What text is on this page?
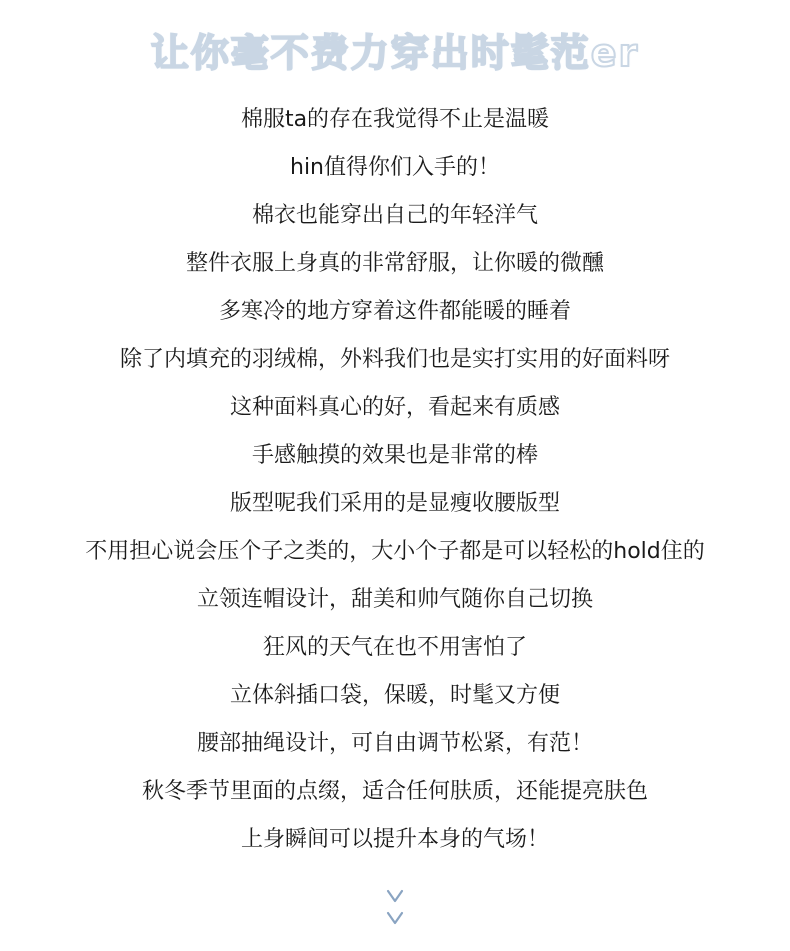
让你毫不费力穿出时髦范er
棉服ta的存在我觉得不止是温暖
hin值得你们入手的！
棉衣也能穿出自己的年轻洋气
整件衣服上身真的非常舒服，让你暖的微醺
多寒冷的地方穿着这件都能暖的睡着
除了内填充的羽绒棉，外料我们也是实打实用的好面料呀
这种面料真心的好，看起来有质感
手感触摸的效果也是非常的棒
版型呢我们采用的是显瘦收腰版型
不用担心说会压个子之类的，大小个子都是可以轻松的hold住的
立领连帽设计，甜美和帅气随你自己切换
狂风的天气在也不用害怕了
立体斜插口袋，保暖，时髦又方便
腰部抽绳设计，可自由调节松紧，有范！
秋冬季节里面的点缀，适合任何肤质，还能提亮肤色
上身瞬间可以提升本身的气场！
